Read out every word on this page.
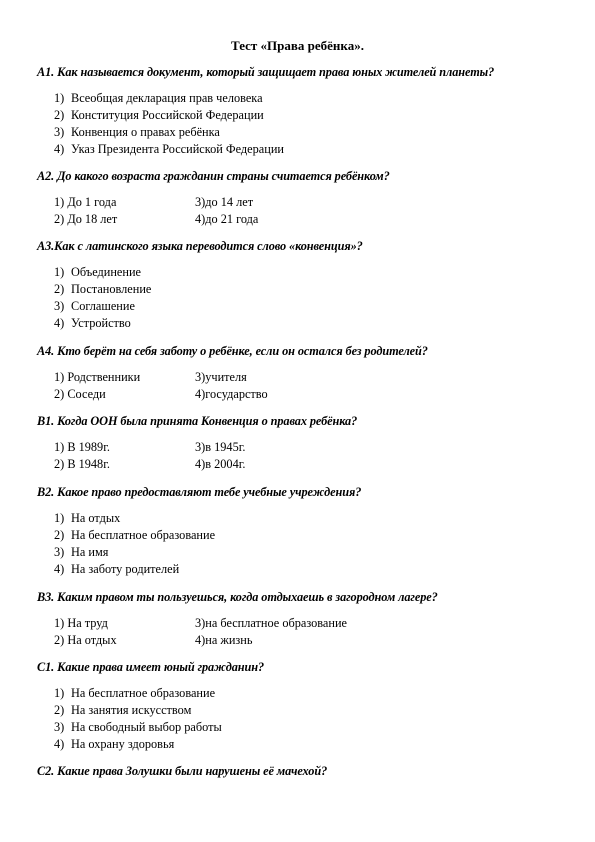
Тест «Права ребёнка».
А1. Как называется документ, который защищает права юных жителей планеты?
1) Всеобщая декларация прав человека
2) Конституция Российской Федерации
3) Конвенция о правах ребёнка
4) Указ Президента Российской Федерации
А2. До какого возраста гражданин страны считается ребёнком?
1) До 1 года	3)до 14 лет
2) До 18 лет	4)до 21 года
А3.Как с латинского языка переводится слово «конвенция»?
1) Объединение
2) Постановление
3) Соглашение
4) Устройство
А4. Кто берёт на себя заботу о ребёнке, если он остался без родителей?
1) Родственники	3)учителя
2) Соседи	4)государство
В1. Когда ООН была принята Конвенция о правах ребёнка?
1) В 1989г.	3)в 1945г.
2) В 1948г.	4)в 2004г.
В2. Какое право предоставляют тебе учебные учреждения?
1) На отдых
2) На бесплатное образование
3) На имя
4) На заботу родителей
В3. Каким правом ты пользуешься, когда отдыхаешь в загородном лагере?
1) На труд	3)на бесплатное образование
2) На отдых	4)на жизнь
С1. Какие права имеет юный гражданин?
1) На бесплатное образование
2) На занятия искусством
3) На свободный выбор работы
4) На охрану здоровья
С2. Какие права Золушки были нарушены её мачехой?
